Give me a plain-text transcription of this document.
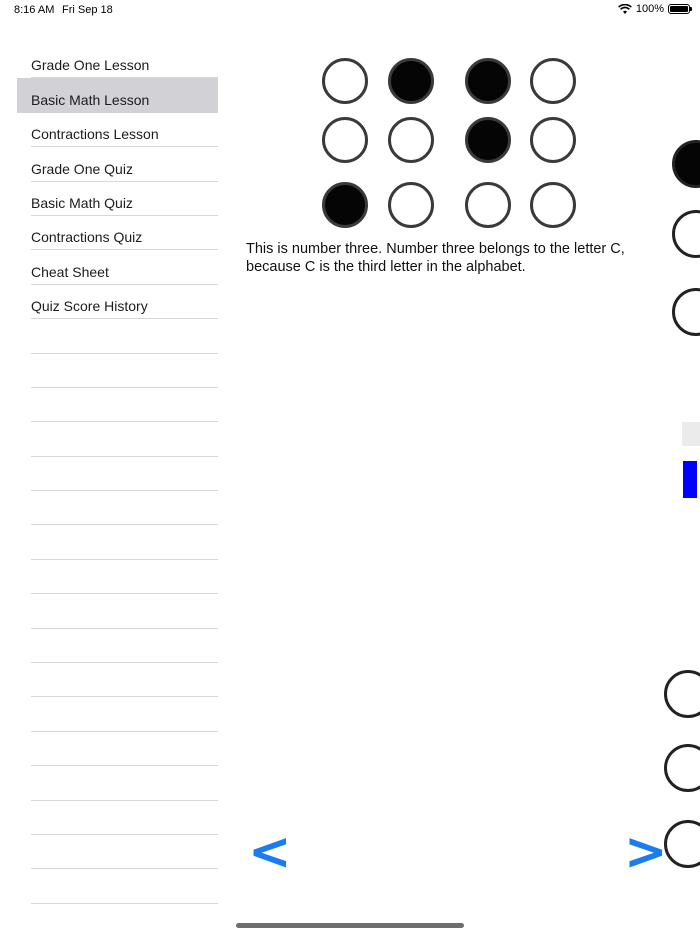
8:16 AM Fri Sep 18	100%
Grade One Lesson
Basic Math Lesson
Contractions Lesson
Grade One Quiz
Basic Math Quiz
Contractions Quiz
Cheat Sheet
Quiz Score History
This is number three. Number three belongs to the letter C, because C is the third letter in the alphabet.
<	>
